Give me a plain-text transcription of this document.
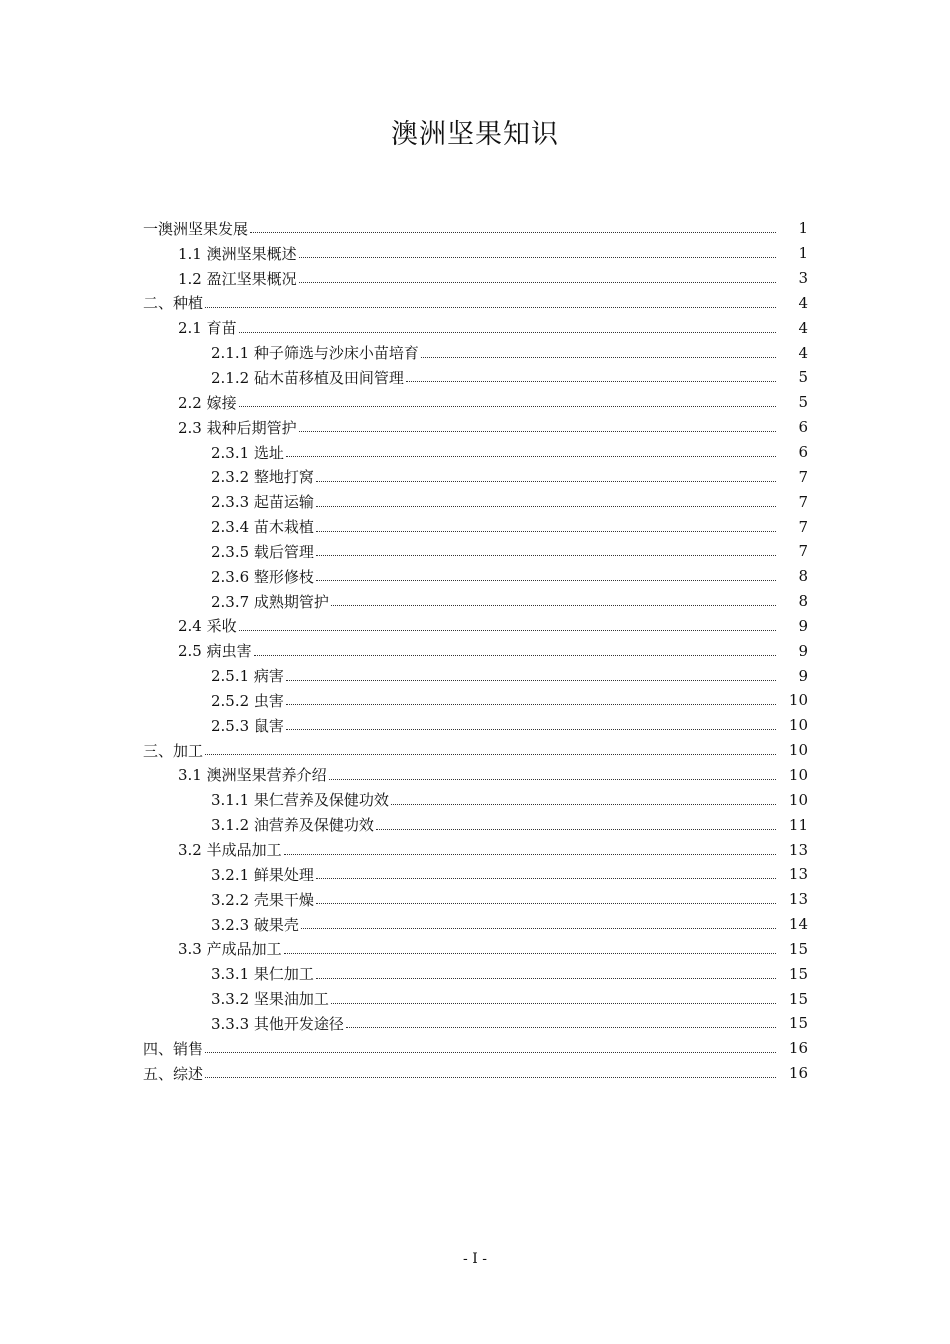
澳洲坚果知识
一澳洲坚果发展	1
1.1 澳洲坚果概述	1
1.2 盈江坚果概况	3
二、种植	4
2.1 育苗	4
2.1.1 种子筛选与沙床小苗培育	4
2.1.2 砧木苗移植及田间管理	5
2.2 嫁接	5
2.3 栽种后期管护	6
2.3.1 选址	6
2.3.2 整地打窝	7
2.3.3 起苗运输	7
2.3.4 苗木栽植	7
2.3.5 载后管理	7
2.3.6 整形修枝	8
2.3.7 成熟期管护	8
2.4 采收	9
2.5 病虫害	9
2.5.1 病害	9
2.5.2 虫害	10
2.5.3 鼠害	10
三、加工	10
3.1 澳洲坚果营养介绍	10
3.1.1 果仁营养及保健功效	10
3.1.2 油营养及保健功效	11
3.2 半成品加工	13
3.2.1 鲜果处理	13
3.2.2 壳果干燥	13
3.2.3 破果壳	14
3.3 产成品加工	15
3.3.1 果仁加工	15
3.3.2 坚果油加工	15
3.3.3 其他开发途径	15
四、销售	16
五、综述	16
- I -
